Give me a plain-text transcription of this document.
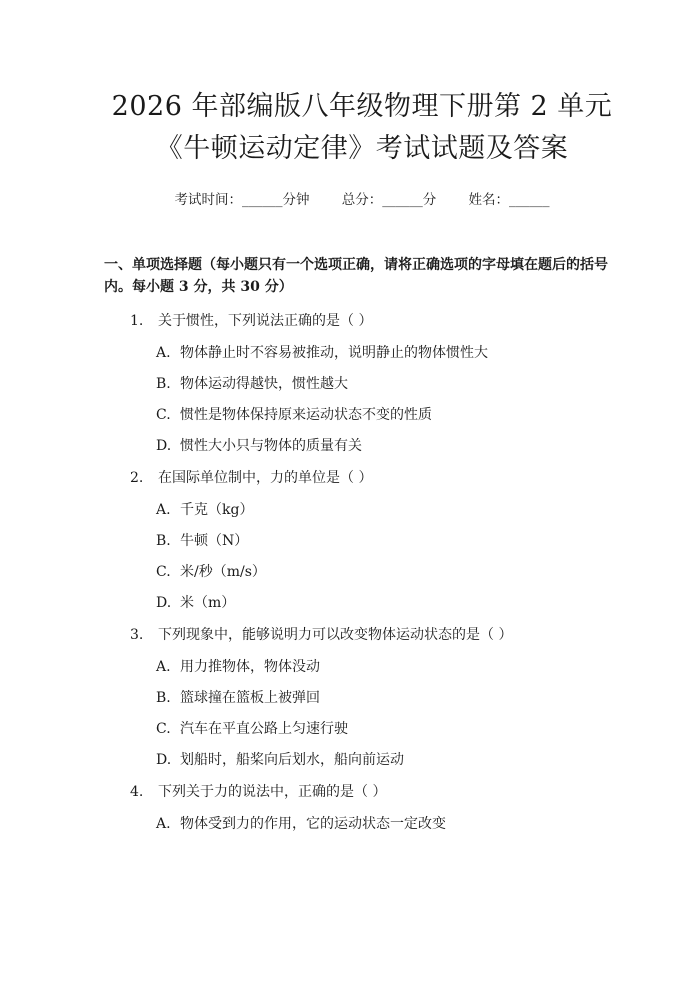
2026 年部编版八年级物理下册第 2 单元《牛顿运动定律》考试试题及答案
考试时间：______分钟 总分：______分 姓名：______
一、单项选择题（每小题只有一个选项正确，请将正确选项的字母填在题后的括号内。每小题 3 分，共 30 分）
1. 关于惯性，下列说法正确的是（ ）
A. 物体静止时不容易被推动，说明静止的物体惯性大
B. 物体运动得越快，惯性越大
C. 惯性是物体保持原来运动状态不变的性质
D. 惯性大小只与物体的质量有关
2. 在国际单位制中，力的单位是（ ）
A. 千克（kg）
B. 牛顿（N）
C. 米/秒（m/s）
D. 米（m）
3. 下列现象中，能够说明力可以改变物体运动状态的是（ ）
A. 用力推物体，物体没动
B. 篮球撞在篮板上被弹回
C. 汽车在平直公路上匀速行驶
D. 划船时，船桨向后划水，船向前运动
4. 下列关于力的说法中，正确的是（ ）
A. 物体受到力的作用，它的运动状态一定改变
